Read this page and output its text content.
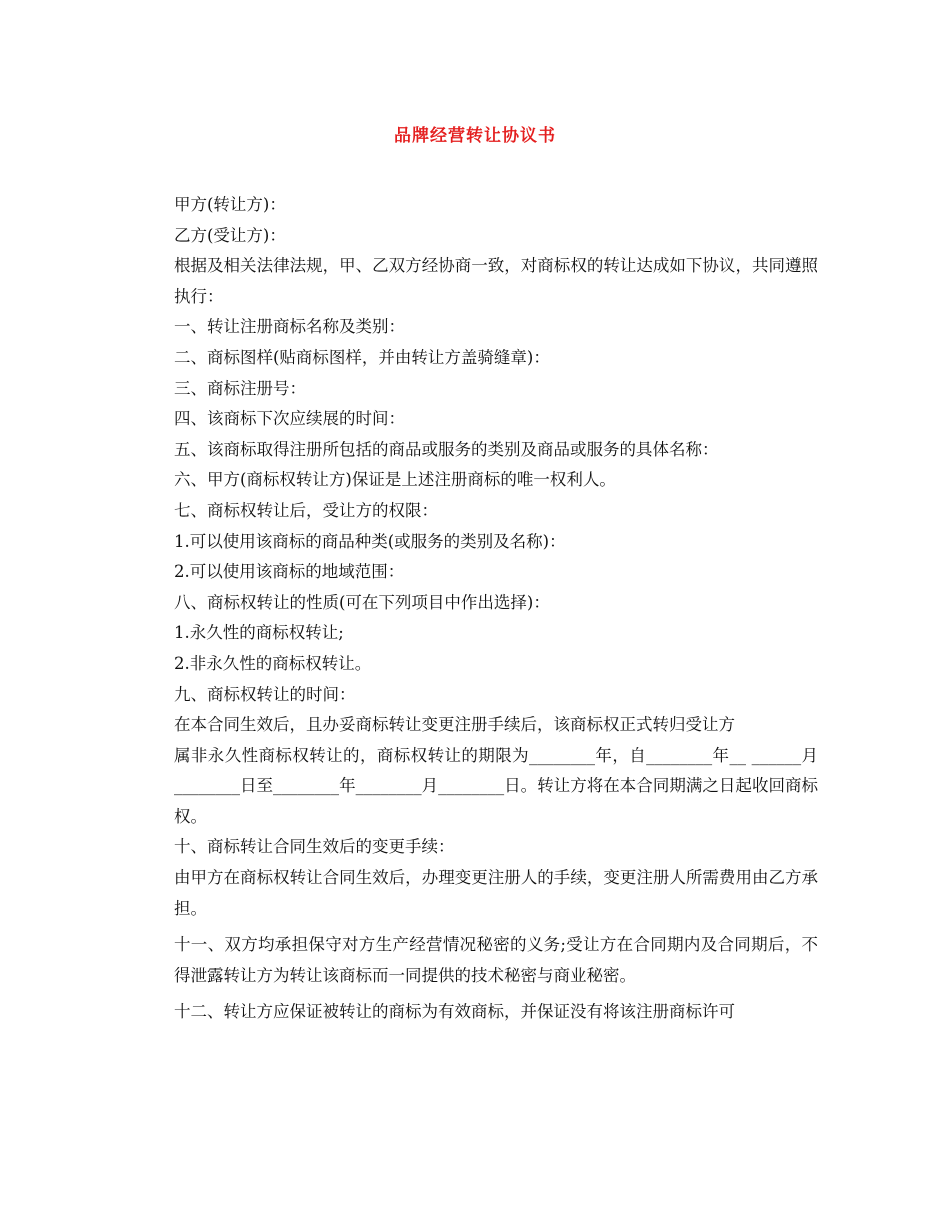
品牌经营转让协议书

甲方(转让方)：

乙方(受让方)：

根据及相关法律法规，甲、乙双方经协商一致，对商标权的转让达成如下协议，共同遵照执行：

一、转让注册商标名称及类别：

二、商标图样(贴商标图样，并由转让方盖骑缝章)：

三、商标注册号：

四、该商标下次应续展的时间：

五、该商标取得注册所包括的商品或服务的类别及商品或服务的具体名称：

六、甲方(商标权转让方)保证是上述注册商标的唯一权利人。

七、商标权转让后，受让方的权限：

1.可以使用该商标的商品种类(或服务的类别及名称)：

2.可以使用该商标的地域范围：

八、商标权转让的性质(可在下列项目中作出选择)：

1.永久性的商标权转让;

2.非永久性的商标权转让。

九、商标权转让的时间：

在本合同生效后，且办妥商标转让变更注册手续后，该商标权正式转归受让方

属非永久性商标权转让的，商标权转让的期限为________年，自________年__ ______月________日至________年________月________日。转让方将在本合同期满之日起收回商标权。

十、商标转让合同生效后的变更手续：

由甲方在商标权转让合同生效后，办理变更注册人的手续，变更注册人所需费用由乙方承担。

十一、双方均承担保守对方生产经营情况秘密的义务;受让方在合同期内及合同期后，不得泄露转让方为转让该商标而一同提供的技术秘密与商业秘密。

十二、转让方应保证被转让的商标为有效商标，并保证没有将该注册商标许可
